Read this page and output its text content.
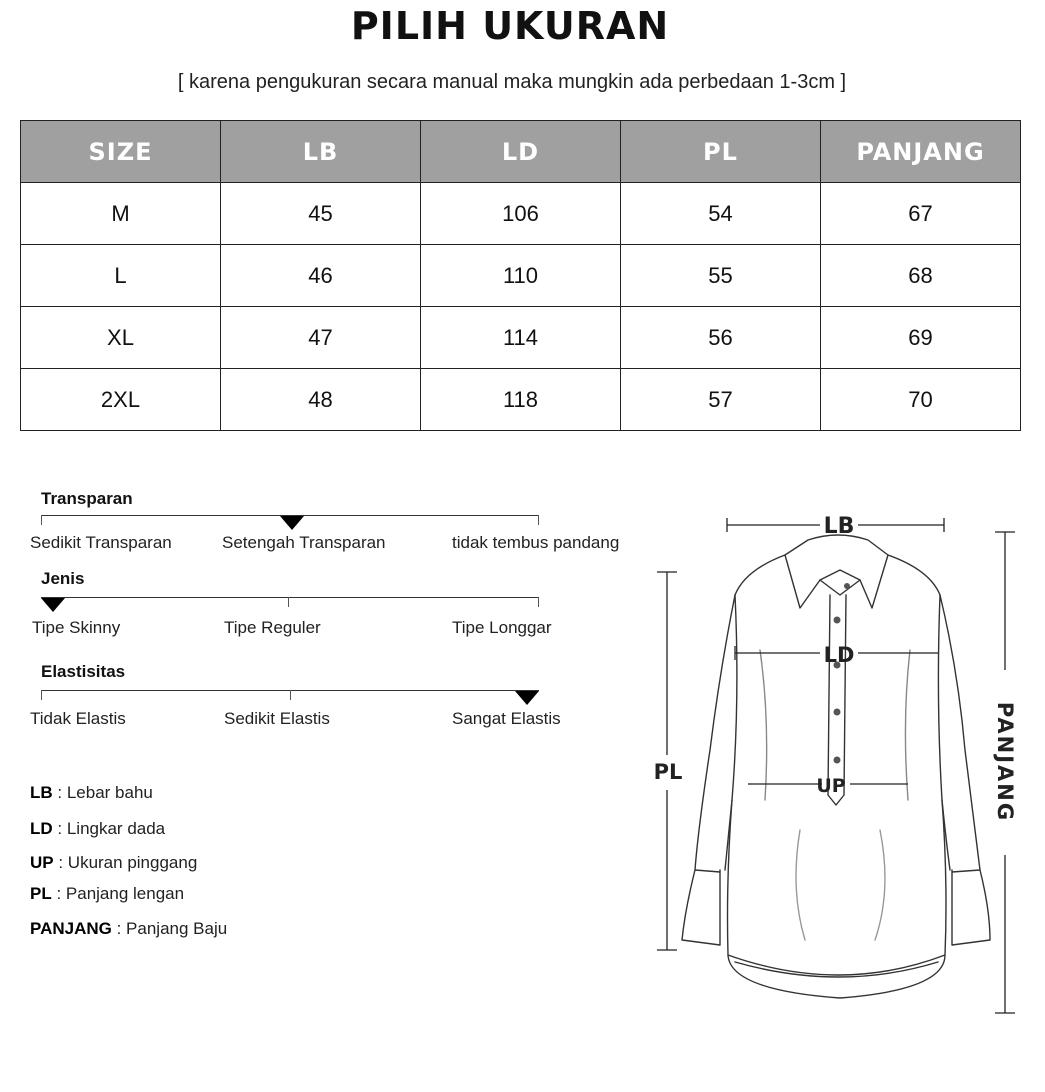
PILIH UKURAN
[ karena pengukuran secara manual maka mungkin ada perbedaan 1-3cm ]
SIZE	LB	LD	PL	PANJANG
M	45	106	54	67
L	46	110	55	68
XL	47	114	56	69
2XL	48	118	57	70
Transparan
Sedikit Transparan	Setengah Transparan	tidak tembus pandang
Jenis
Tipe Skinny	Tipe Reguler	Tipe Longgar
Elastisitas
Tidak Elastis	Sedikit Elastis	Sangat Elastis
LB : Lebar bahu
LD : Lingkar dada
UP : Ukuran pinggang
PL : Panjang lengan
PANJANG : Panjang Baju
LB
LD
UP
PL	PANJANG
